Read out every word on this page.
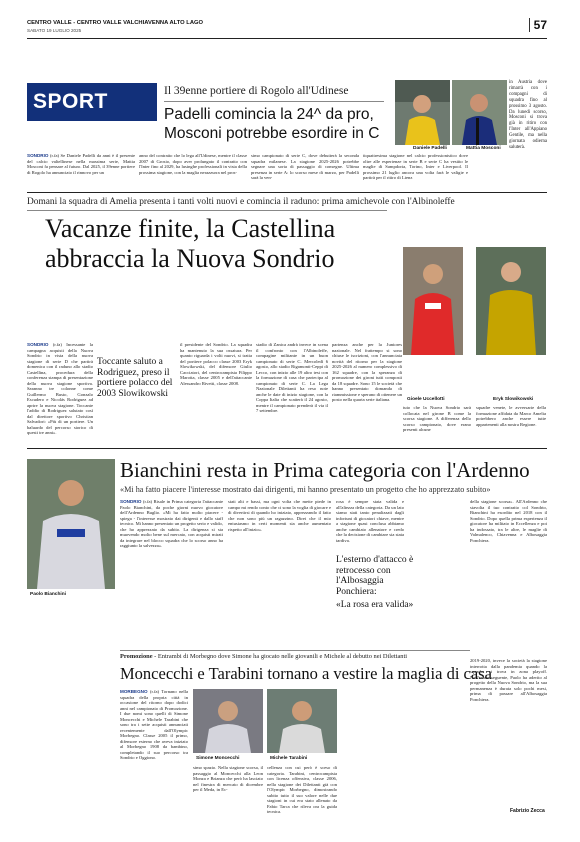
CENTRO VALLE - CENTRO VALLE VALCHIAVENNA ALTO LAGO
SABATO 19 LUGLIO 2025	57
SPORT	Il 39enne portiere di Rogolo all'Udinese
Padelli comincia la 24^ da pro,
Mosconi potrebbe esordire in C
Daniele Padelli	Mattia Mosconi

in Austria dove rimarrà con i compagni di squadra fino al prossimo 3 agosto. Da lunedì scorso, Mosconi si trova già in ritiro con l'Inter all'Appiano Gentile, ma nella giornata odierna saluterà.

SONDRIO (r.fa) Se Daniele Padelli da anni è il presente del calcio valtellinese nella massima serie, Mattia Mosconi fa pensare al futuro. Dal 2025, il 39enne portiere di Rogolo ha annunciato il rinnovo per un

anno del contratto che lo lega all'Udinese, mentre il classe 2007 di Grosio, dopo aver prolungato il contratto con l'Inter fino al 2029, ha lusinghe professionali in vista della prossima stagione, con la maglia nerazzurra nel pros-

simo campionato di serie C, dove debutterà la seconda squadra milanese. La stagione 2025-2026 potrebbe segnare una sorta di passaggio di consegne. Ultima presenza in serie A: lo scorso mese di marzo, per Padelli sarà la ven-

tiquattresima stagione nel calcio professionistico dove oltre alle esperienze in serie B e serie C ha vestito le maglie di Sampdoria, Torino, Inter e Liverpool. Il prossimo 21 luglio ancora una volta farà le valigie e partirà per il ritiro di Lienz

Domani la squadra di Amelia presenta i tanti volti nuovi e comincia il raduno: prima amichevole con l'Albinoleffe
Vacanze finite, la Castellina
abbraccia la Nuova Sondrio
Gioele Uccellotti	Eryk Slowikowski

SONDRIO (r.fa) Incessante la campagna acquisti della Nuova Sondrio in vista della nuova stagione di serie D che partirà domenica con il raduno allo stadio Castellina, procedura della conferenza stampa di presentazione della nuova stagione sportiva. Saranno tre colonne come Guillermo Busto, Gonzalo Escudero e Nicolás Rodriguez ad aprire la nuova stagione. Toccante l'addio di Rodriguez salutato così dal direttore sportivo Christian Salvadori: «Più di un portiere. Un baluardo del percorso storico di questi tre anni».

Toccante saluto a Rodriguez, preso il portiere polacco del 2003 Slowikowski

il presidente del Sondrio. La squadra ha mantenuto la sua ossatura. Per quanto riguarda i volti nuovi, si tratta del portiere polacco classe 2003 Eryk Slowikowski, del difensore Giulio Cacciatori, del centrocampista Filippo Marotta, classe 2005 e dell'attaccante Alessandro Rivetti, classe 2008.

stadio di Zanica andrà invece in scena il confronto con l'Albinoleffe, compagine militante in un buon campionato di serie C. Mercoledì 6 agosto, allo stadio Rigamonti-Ceppi di Lecco, con inizio alle 19 altro test con la formazione di casa che partecipa al campionato di serie C. La Lega Nazionale Dilettanti ha reso note anche le date di inizio stagione, con la Coppa Italia che scatterà il 24 agosto, mentre il campionato prenderà il via il 7 settembre.

partenza anche per la Juniores nazionale. Nel frattempo si sono chiuse le iscrizioni, con l'annunciata novità del ritorno per la stagione 2025-2026 al numero complessivo di 162 squadre, con la speranza di promozione dei gironi tutti composti da 18 squadre. Sono 15 le società che hanno presentato domanda di riammissione e sperano di ottenere un posto nella quarta serie italiana.

tuto che la Nuova Sondrio sarà collocata nel girone B come la scorsa stagione. A differenza dello scorso campionato, dove erano presenti alcune

squadre venete, le avversarie della formazione affidata da Marco Amelia potrebbero anche essere tutte appartenenti alla nostra Regione.

Bianchini resta in Prima categoria con l'Ardenno
«Mi ha fatto piacere l'interesse mostrato dai dirigenti, mi hanno presentato un progetto che ho apprezzato subito»
Paolo Bianchini

SONDRIO (r.fa) Risale in Prima categoria l'attaccante Paolo Bianchini, da poche giorni nuovo giocatore dell'Ardenno Buglio. «Mi ha fatto molto piacere - spiega - l'interesse mostrato dai dirigenti e dallo staff tecnico. Mi hanno presentato un progetto serio e valido, che ho apprezzato da subito. La dirigenza si sta muovendo molto bene sul mercato, con acquisti mirati da integrare nel blocco squadra che lo scorso anno ha raggiunto la salvezza».

stati alti e bassi, ma ogni volta che mette piede in campo mi rendo conto che ci sono la voglia di giocare e di divertirsi di quando ho iniziato, apprezzando il fatto che non sono più un ragazzino. Direi che il mio entusiasmo in certi momenti sia anche aumentato rispetto all'inizio».

rosa è sempre stata valida e all'altezza della categoria. Da un lato siamo stati tanto penalizzati dagli infortuni di giocatori chiave, mentre a stagione quasi conclusa abbiamo anche cambiato allenatore e credo che la decisione di cambiare sia stata tardiva.

L'esterno d'attacco è retrocesso con l'Albosaggia Ponchiera:
«La rosa era valida»

della stagione scorsa». All'Ardenno che stavolta il tuo contratto col Sondrio, Bianchini ha esordito nel 2018 con il Sondrio. Dopo quella prima esperienza il giocatore ha militato in Eccellenza e poi ha indossato, tra le altre, le maglie di Valmalenco, Chiavenna e Albosaggia Ponchiera.

Promozione - Entrambi di Morbegno dove Simone ha giocato nelle giovanili e Michele al debutto nei Dilettanti
Moncecchi e Tarabini tornano a vestire la maglia di casa

MORBEGNO (r.fa) Tornano nella squadra della propria città in occasione del ritorno dopo dodici anni nel campionato di Promozione. I due nomi sono quelli di Simone Moncecchi e Michele Tarabini che sono tra i sette acquisti annunciati recentemente dall'Olympic Morbegno. Classe 2005 il primo, difensore esterno che aveva iniziato al Morbegno 1908 da bambino, completando il suo percorso tra Sondrio e Oggiono.	Simone Moncecchi	Michele Tarabini

simo spazio. Nella stagione scorsa, il passaggio al Moncecchi alla Leon Monza e Brianza che però ha lasciato nel finestra di mercato di dicembre per il Meda, in Ec-

cellenza con cui però è sceso di categoria. Tarabini, centrocampista con licenza offensiva, classe 2006, nella stagione dei Dilettanti già con l'Olympic Morbegno, dimostrando subito tutto il suo valore nelle due stagioni in cui era stato allenato da Fabio Tarca che rileva ora la guida tecnica.

2019-2020, invece la società la stagione interrotta dalla pandemia quando la squadra si trova in zona playoff. Nell'estate seguente, Paolo ha aderito al progetto della Nuova Sondrio, ma la sua permanenza è durata solo pochi mesi, prima di passare all'Albosaggia Ponchiera.

Fabrizio Zecca
